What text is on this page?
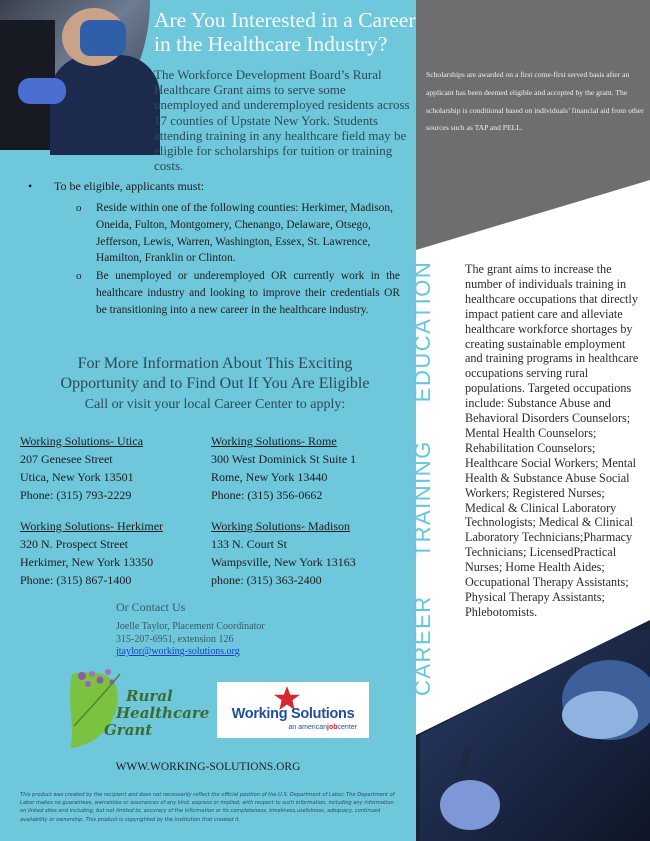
Are You Interested in a Career in the Healthcare Industry?
The Workforce Development Board’s Rural Healthcare Grant aims to serve some unemployed and underemployed residents across 17 counties of Upstate New York. Students attending training in any healthcare field may be eligible for scholarships for tuition or training costs.
Scholarships are awarded on a first come-first served basis after an applicant has been deemed eligible and accepted by the grant. The scholarship is conditional based on individuals’ financial aid from other sources such as TAP and PELL.
CAREERTRAININGEDUCATION The grant aims to increase the number of individuals training in healthcare occupations that directly impact patient care and alleviate healthcare workforce shortages by creating sustainable employment and training programs in healthcare occupations serving rural populations. Targeted occupations include: Substance Abuse and Behavioral Disorders Counselors; Mental Health Counselors; Rehabilitation Counselors; Healthcare Social Workers; Mental Health & Substance Abuse Social Workers; Registered Nurses; Medical & Clinical Laboratory Technologists; Medical & Clinical Laboratory Technicians;Pharmacy Technicians; LicensedPractical Nurses; Home Health Aides; Occupational Therapy Assistants; Physical Therapy Assistants; Phlebotomists.
• To be eligible, applicants must:
o Reside within one of the following counties: Herkimer, Madison, Oneida, Fulton, Montgomery, Chenango, Delaware, Otsego, Jefferson, Lewis, Warren, Washington, Essex, St. Lawrence, Hamilton, Franklin or Clinton.
o Be unemployed or underemployed OR currently work in the healthcare industry and looking to improve their credentials OR be transitioning into a new career in the healthcare industry.
For More Information About This Exciting Opportunity and to Find Out If You Are Eligible
Call or visit your local Career Center to apply:
Working Solutions- Utica
207 Genesee Street
Utica, New York 13501
Phone: (315) 793-2229
Working Solutions- Rome
300 West Dominick St Suite 1
Rome, New York 13440
Phone: (315) 356-0662
Working Solutions- Herkimer
320 N. Prospect Street
Herkimer, New York 13350
Phone: (315) 867-1400
Working Solutions- Madison
133 N. Court St
Wampsville, New York 13163
phone: (315) 363-2400
Or Contact Us
Joelle Taylor, Placement Coordinator
315-207-6951, extension 126
jtaylor@working-solutions.org
Rural
Healthcare
Grant
Working Solutions
an americanjobcenter
WWW.WORKING-SOLUTIONS.ORG
This product was created by the recipient and does not necessarily reflect the official position of the U.S. Department of Labor. The Department of Labor makes no guarantees, warranties or assurances of any kind, express or implied, with respect to such information, including any information on linked sites and including, but not limited to, accuracy of the information or its completeness, timeliness,usefulness, adequacy, continued availability or ownership. This product is copyrighted by the institution that created it.
